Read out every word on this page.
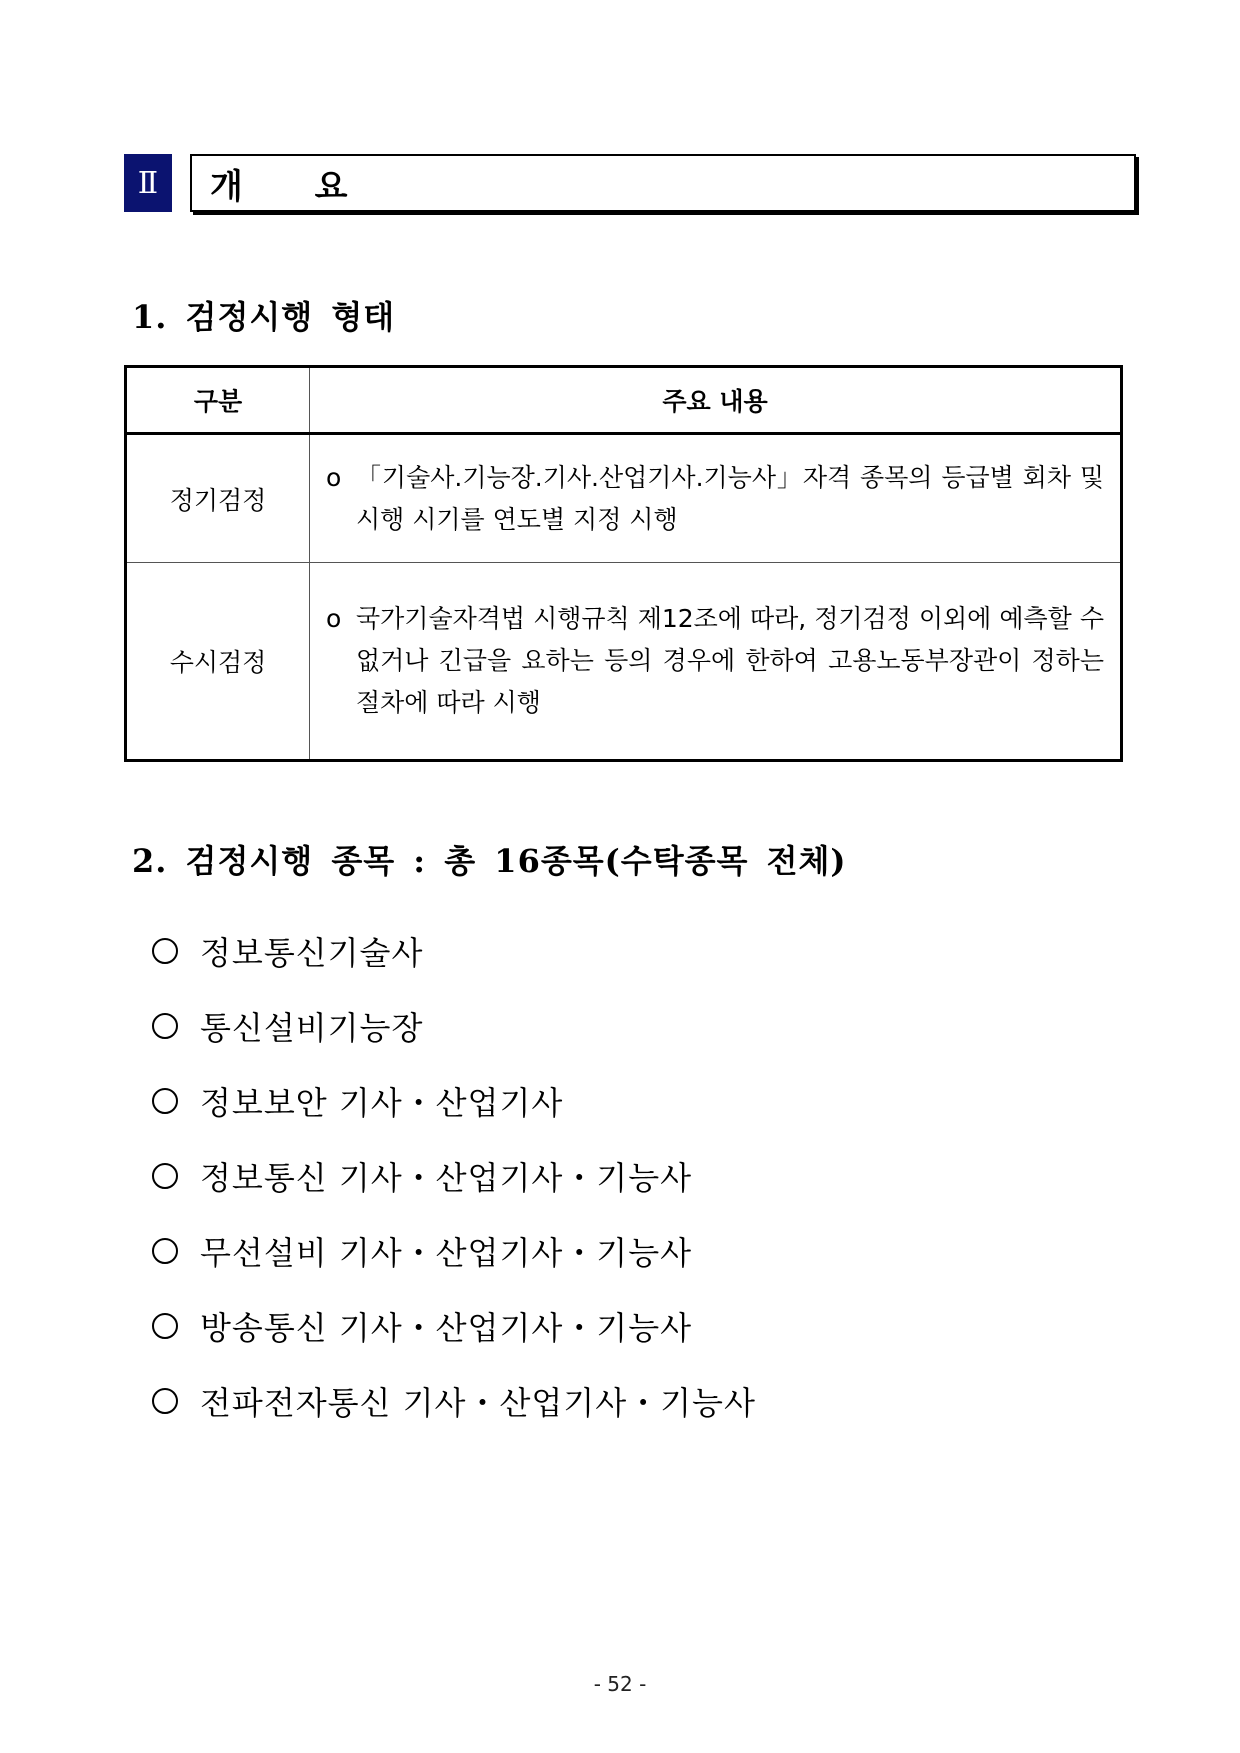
Ⅱ	개 요
1. 검정시행 형태
구분	주요 내용
정기검정	o 「기술사.기능장.기사.산업기사.기능사」자격 종목의 등급별 회차 및 시행 시기를 연도별 지정 시행

수시검정	o 국가기술자격법 시행규칙 제12조에 따라, 정기검정 이외에 예측할 수 없거나 긴급을 요하는 등의 경우에 한하여 고용노동부장관이 정하는 절차에 따라 시행
2. 검정시행 종목 : 총 16종목(수탁종목 전체)
정보통신기술사
통신설비기능장
정보보안 기사・산업기사
정보통신 기사・산업기사・기능사
무선설비 기사・산업기사・기능사
방송통신 기사・산업기사・기능사
전파전자통신 기사・산업기사・기능사
- 52 -
